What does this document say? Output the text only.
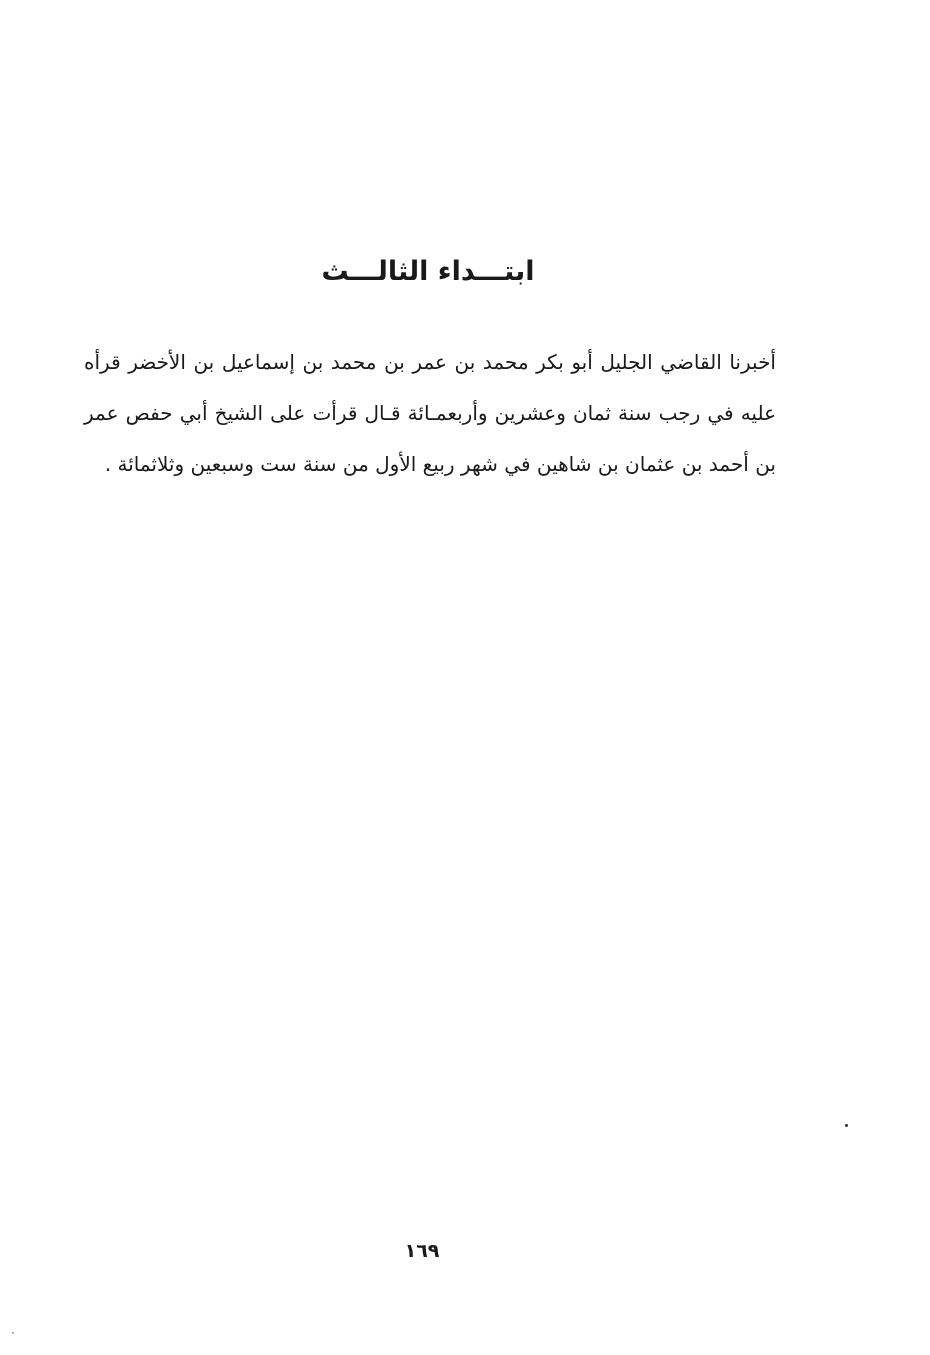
ابتـــداء الثالـــث
أخبرنا القاضي الجليل أبو بكر محمد بن عمر بن محمد بن إسماعيل بن الأخضر قرأه عليه في رجب سنة ثمان وعشرين وأربعمـائة قـال قرأت على الشيخ أبي حفص عمر بن أحمد بن عثمان بن شاهين في شهر ربيع الأول من سنة ست وسبعين وثلاثمائة .
١٦٩
